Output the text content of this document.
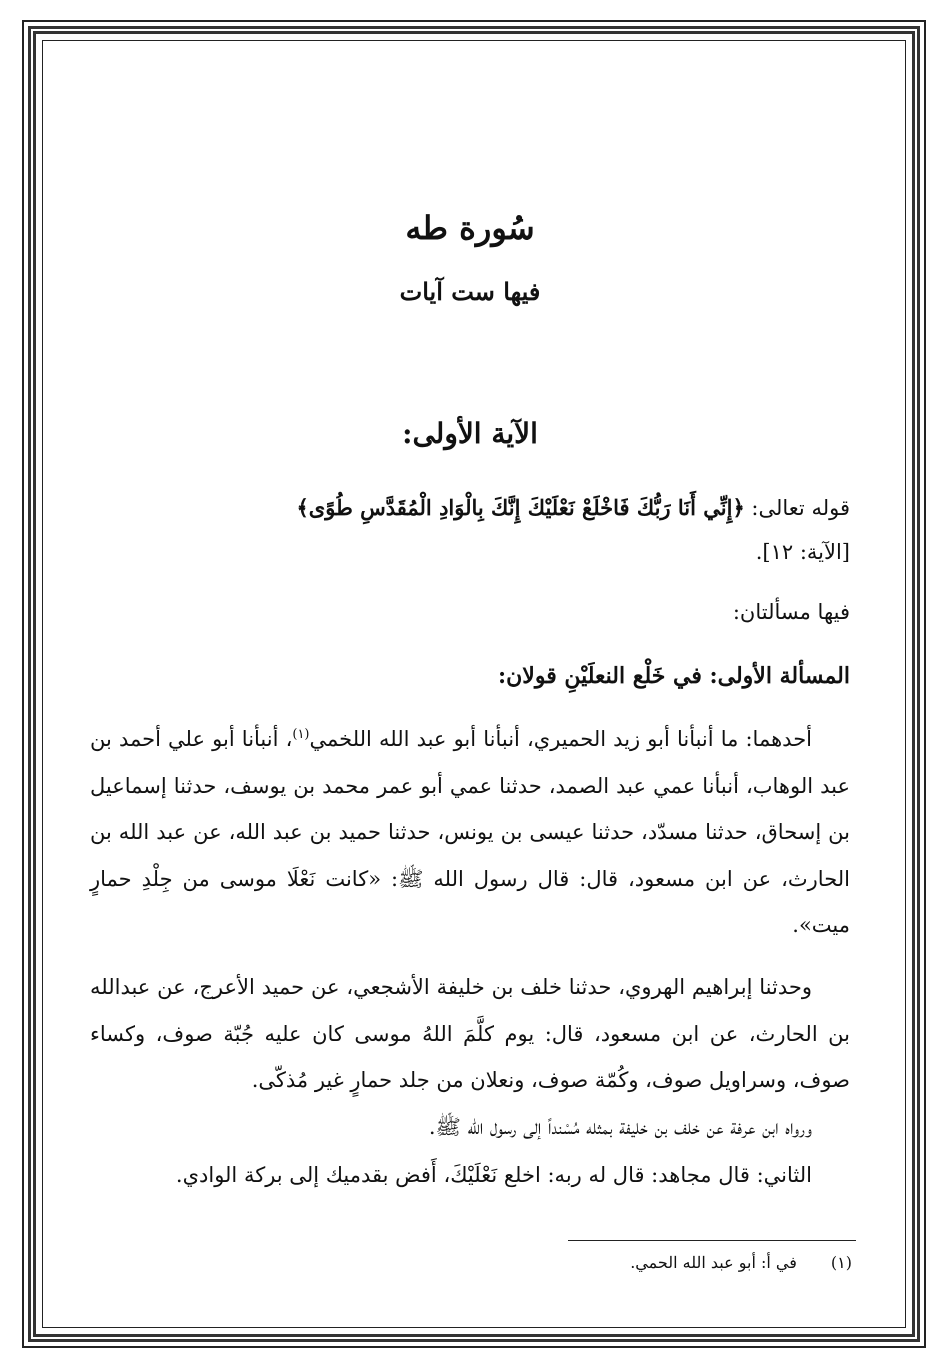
سُورة طه
فيها ست آيات
الآية الأولى:
قوله تعالى: ﴿إِنِّي أَنَا رَبُّكَ فَاخْلَعْ نَعْلَيْكَ إِنَّكَ بِالْوَادِ الْمُقَدَّسِ طُوًى﴾
[الآية: ١٢].
فيها مسألتان:
المسألة الأولى: في خَلْع النعلَيْنِ قولان:
أحدهما: ما أنبأنا أبو زيد الحميري، أنبأنا أبو عبد الله اللخمي$^{(١)}$، أنبأنا أبو علي أحمد بن عبد الوهاب، أنبأنا عمي عبد الصمد، حدثنا عمي أبو عمر محمد بن يوسف، حدثنا إسماعيل بن إسحاق، حدثنا مسدّد، حدثنا عيسى بن يونس، حدثنا حميد بن عبد الله، عن عبد الله بن الحارث، عن ابن مسعود، قال: قال رسول الله ﷺ: «كانت نَعْلَا موسى من جِلْدِ حمارٍ ميت».
وحدثنا إبراهيم الهروي، حدثنا خلف بن خليفة الأشجعي، عن حميد الأعرج، عن عبدالله بن الحارث، عن ابن مسعود، قال: يوم كلَّمَ اللهُ موسى كان عليه جُبّة صوف، وكساء صوف، وسراويل صوف، وكُمّة صوف، ونعلان من جلد حمارٍ غير مُذكّى.
ورواه ابن عرفة عن خلف بن خليفة بمثله مُسْنداً إلى رسول الله ﷺ.
الثاني: قال مجاهد: قال له ربه: اخلع نَعْلَيْكَ، أَفض بقدميك إلى بركة الوادي.
(١)في أ: أبو عبد الله الحمي.
